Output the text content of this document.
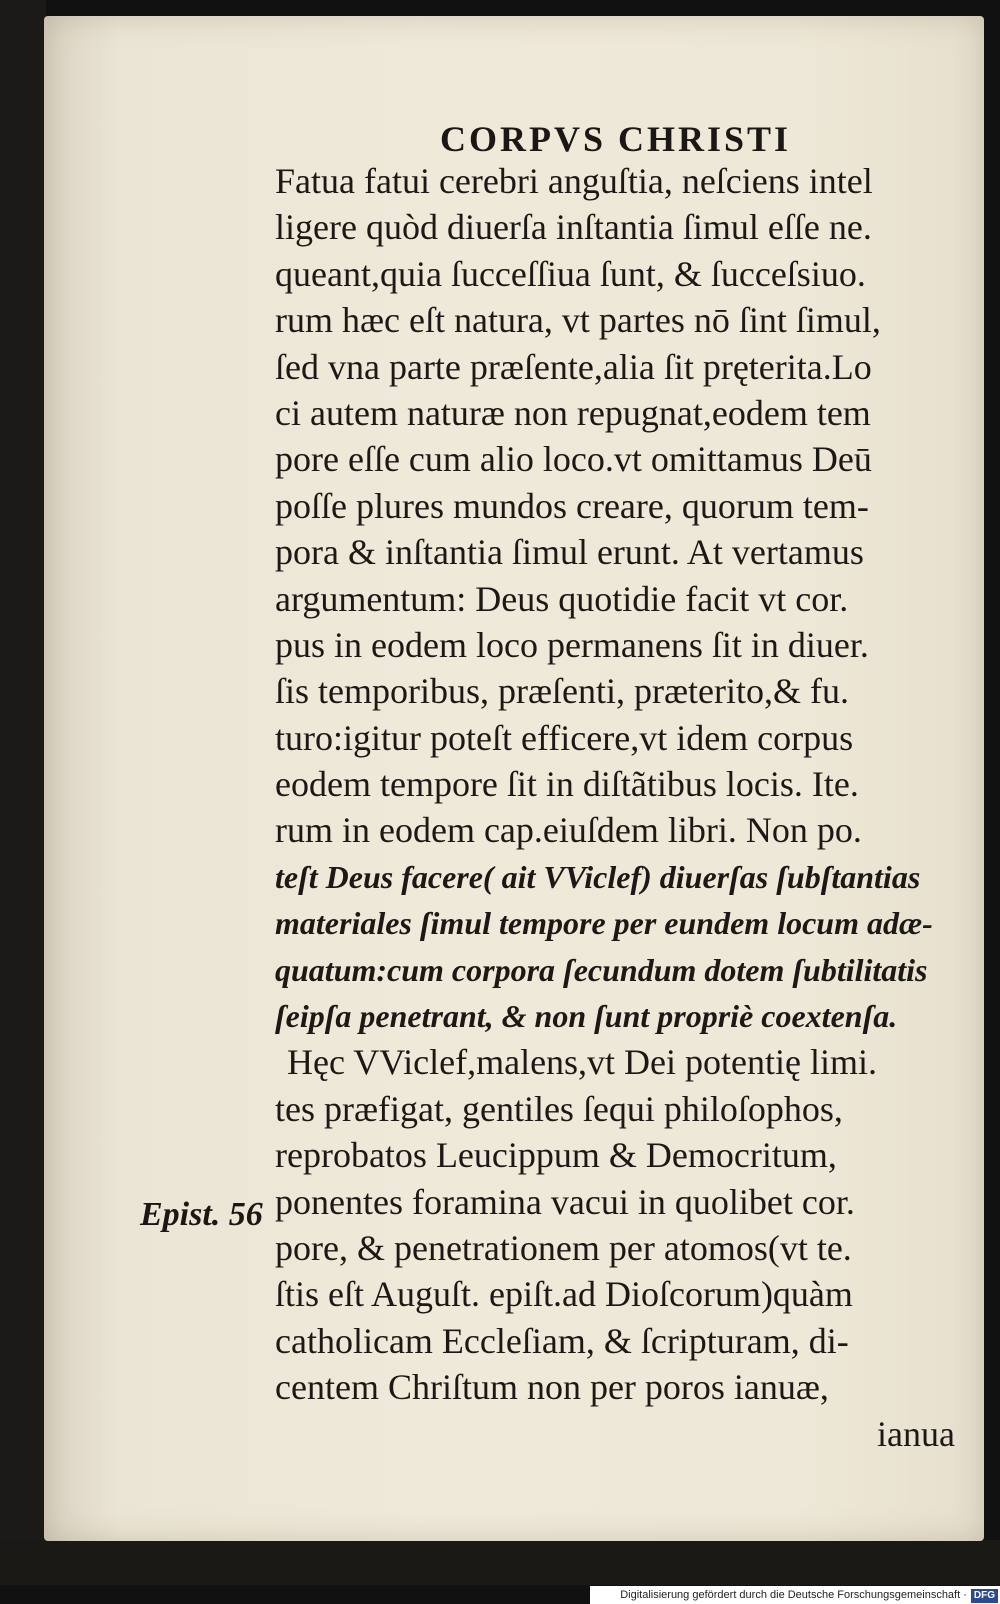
CORPVS CHRISTI
Epist. 56

Fatua fatui cerebri anguſtia, neſciens intel

ligere quòd diuerſa inſtantia ſimul eſſe ne.

queant,quia ſucceſſiua ſunt, & ſucceſsiuo.

rum hæc eſt natura, vt partes nō ſint ſimul,

ſed vna parte præſente,alia ſit pręterita.Lo

ci autem naturæ non repugnat,eodem tem

pore eſſe cum alio loco.vt omittamus Deū

poſſe plures mundos creare, quorum tem-

pora & inſtantia ſimul erunt. At vertamus

argumentum: Deus quotidie facit vt cor.

pus in eodem loco permanens ſit in diuer.

ſis temporibus, præſenti, præterito,& fu.

turo:igitur poteſt efficere,vt idem corpus

eodem tempore ſit in diſtãtibus locis. Ite.

rum in eodem cap.eiuſdem libri. Non po.

teſt Deus facere( ait VViclef) diuerſas ſubſtantias

materiales ſimul tempore per eundem locum adæ-

quatum:cum corpora ſecundum dotem ſubtilitatis

ſeipſa penetrant, & non ſunt propriè coextenſa.

Hęc VViclef,malens,vt Dei potentię limi.

tes præfigat, gentiles ſequi philoſophos,

reprobatos Leucippum & Democritum,

ponentes foramina vacui in quolibet cor.

pore, & penetrationem per atomos(vt te.

ſtis eſt Auguſt. epiſt.ad Dioſcorum)quàm

catholicam Eccleſiam, & ſcripturam, di-

centem Chriſtum non per poros ianuæ,

ianua

Digitalisierung gefördert durch die Deutsche Forschungsgemeinschaft · DFG
